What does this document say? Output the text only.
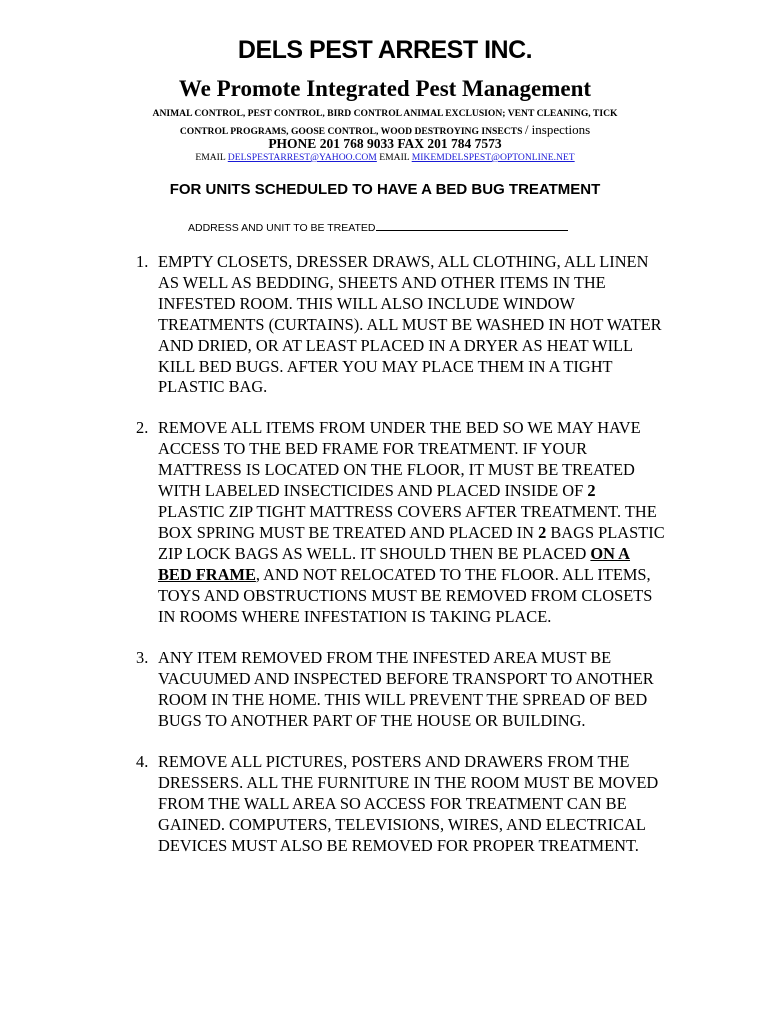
DELS PEST ARREST INC.
We Promote Integrated Pest Management
ANIMAL CONTROL, PEST CONTROL, BIRD CONTROL ANIMAL EXCLUSION; VENT CLEANING, TICK
CONTROL PROGRAMS, GOOSE CONTROL, WOOD DESTROYING INSECTS / inspections
PHONE 201 768 9033 FAX 201 784 7573
EMAIL DELSPESTARREST@YAHOO.COM EMAIL MIKEMDELSPEST@OPTONLINE.NET
FOR UNITS SCHEDULED TO HAVE A BED BUG TREATMENT
ADDRESS AND UNIT TO BE TREATED
1. EMPTY CLOSETS, DRESSER DRAWS, ALL CLOTHING, ALL LINEN AS WELL AS BEDDING, SHEETS AND OTHER ITEMS IN THE INFESTED ROOM. THIS WILL ALSO INCLUDE WINDOW TREATMENTS (CURTAINS). ALL MUST BE WASHED IN HOT WATER AND DRIED, OR AT LEAST PLACED IN A DRYER AS HEAT WILL KILL BED BUGS. AFTER YOU MAY PLACE THEM IN A TIGHT PLASTIC BAG.
2. REMOVE ALL ITEMS FROM UNDER THE BED SO WE MAY HAVE ACCESS TO THE BED FRAME FOR TREATMENT. IF YOUR MATTRESS IS LOCATED ON THE FLOOR, IT MUST BE TREATED WITH LABELED INSECTICIDES AND PLACED INSIDE OF 2 PLASTIC ZIP TIGHT MATTRESS COVERS AFTER TREATMENT. THE BOX SPRING MUST BE TREATED AND PLACED IN 2 BAGS PLASTIC ZIP LOCK BAGS AS WELL. IT SHOULD THEN BE PLACED ON A BED FRAME, AND NOT RELOCATED TO THE FLOOR. ALL ITEMS, TOYS AND OBSTRUCTIONS MUST BE REMOVED FROM CLOSETS IN ROOMS WHERE INFESTATION IS TAKING PLACE.
3. ANY ITEM REMOVED FROM THE INFESTED AREA MUST BE VACUUMED AND INSPECTED BEFORE TRANSPORT TO ANOTHER ROOM IN THE HOME. THIS WILL PREVENT THE SPREAD OF BED BUGS TO ANOTHER PART OF THE HOUSE OR BUILDING.
4. REMOVE ALL PICTURES, POSTERS AND DRAWERS FROM THE DRESSERS. ALL THE FURNITURE IN THE ROOM MUST BE MOVED FROM THE WALL AREA SO ACCESS FOR TREATMENT CAN BE GAINED. COMPUTERS, TELEVISIONS, WIRES, AND ELECTRICAL DEVICES MUST ALSO BE REMOVED FOR PROPER TREATMENT.
